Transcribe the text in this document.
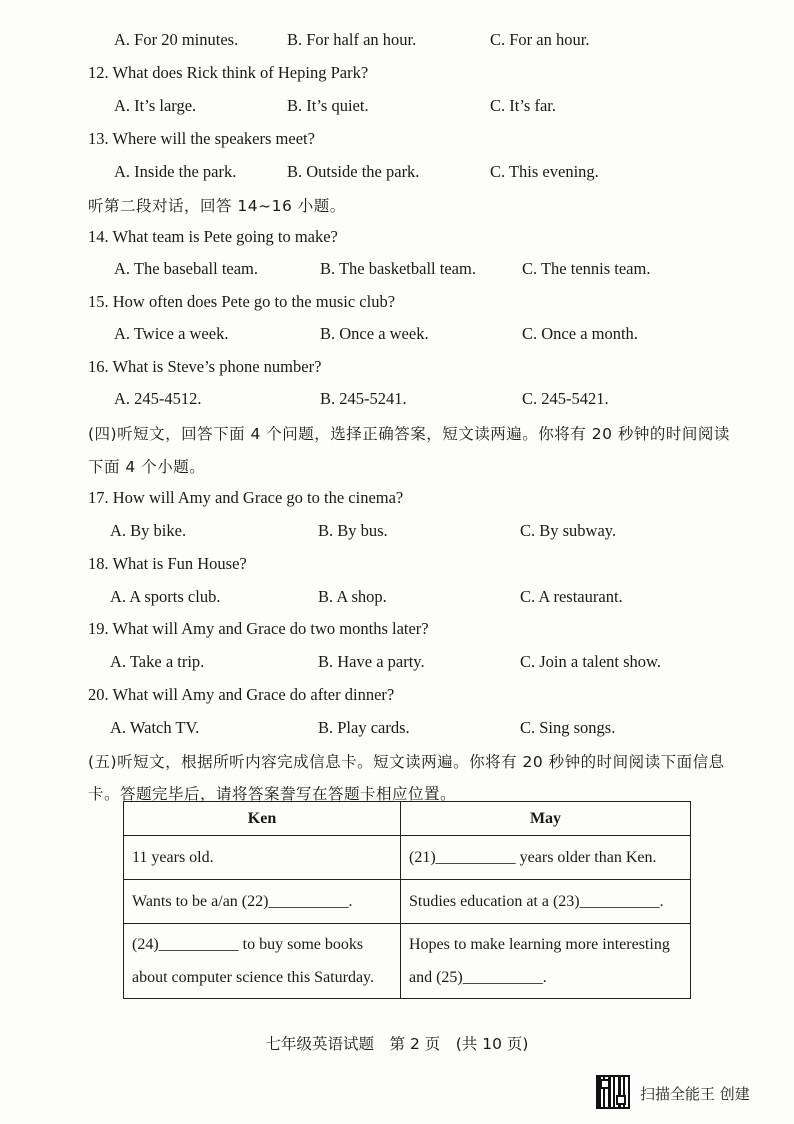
A. For 20 minutes.	B. For half an hour.	C. For an hour.
12. What does Rick think of Heping Park?
A. It’s large.	B. It’s quiet.	C. It’s far.
13. Where will the speakers meet?
A. Inside the park.	B. Outside the park.	C. This evening.
听第二段对话，回答 14~16 小题。
14. What team is Pete going to make?
A. The baseball team.	B. The basketball team.	C. The tennis team.
15. How often does Pete go to the music club?
A. Twice a week.	B. Once a week.	C. Once a month.
16. What is Steve’s phone number?
A. 245-4512.	B. 245-5241.	C. 245-5421.
(四)听短文，回答下面 4 个问题，选择正确答案，短文读两遍。你将有 20 秒钟的时间阅读
下面 4 个小题。
17. How will Amy and Grace go to the cinema?
A. By bike.	B. By bus.	C. By subway.
18. What is Fun House?
A. A sports club.	B. A shop.	C. A restaurant.
19. What will Amy and Grace do two months later?
A. Take a trip.	B. Have a party.	C. Join a talent show.
20. What will Amy and Grace do after dinner?
A. Watch TV.	B. Play cards.	C. Sing songs.
(五)听短文，根据所听内容完成信息卡。短文读两遍。你将有 20 秒钟的时间阅读下面信息
卡。答题完毕后，请将答案誊写在答题卡相应位置。
Ken	May
11 years old.	(21)__________ years older than Ken.
Wants to be a/an (22)__________.	Studies education at a (23)__________.
(24)__________ to buy some books about computer science this Saturday.	Hopes to make learning more interesting and (25)__________.
七年级英语试题　第 2 页　(共 10 页)
扫描全能王 创建
